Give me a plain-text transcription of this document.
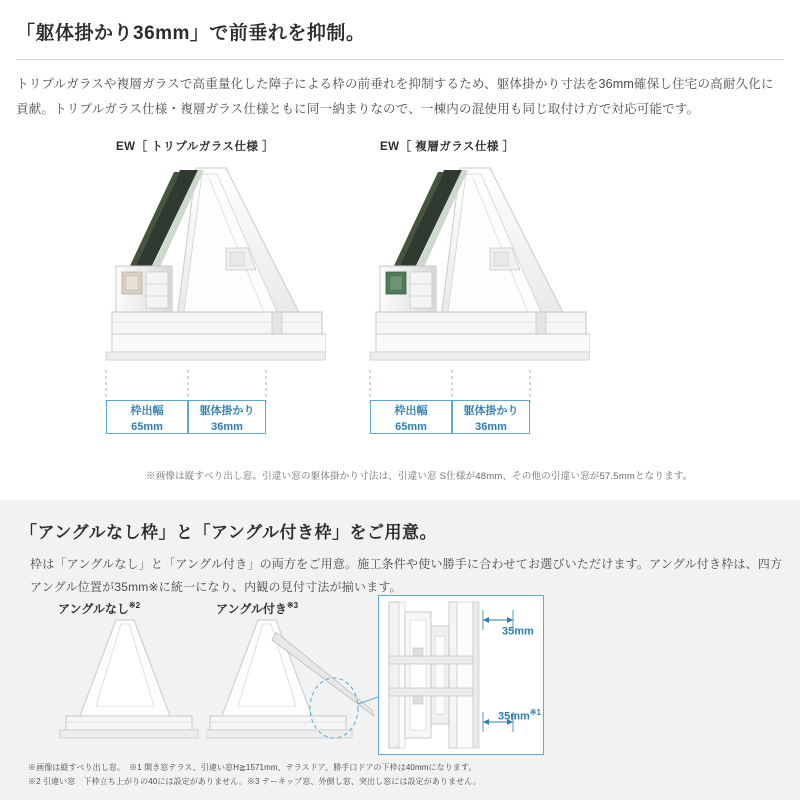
「躯体掛かり36mm」で前垂れを抑制。
トリプルガラスや複層ガラスで高重量化した障子による枠の前垂れを抑制するため、躯体掛かり寸法を36mm確保し住宅の高耐久化に貢献。トリプルガラス仕様・複層ガラス仕様ともに同一納まりなので、一棟内の混使用も同じ取付け方で対応可能です。
EW［ トリプルガラス仕様 ］	EW［ 複層ガラス仕様 ］
枠出幅
65mm
躯体掛かり
36mm
枠出幅
65mm
躯体掛かり
36mm
※画像は縦すべり出し窓。引違い窓の躯体掛かり寸法は、引違い窓 S仕様が48mm、その他の引違い窓が57.5mmとなります。
「アングルなし枠」と「アングル付き枠」をご用意。
枠は「アングルなし」と「アングル付き」の両方をご用意。施工条件や使い勝手に合わせてお選びいただけます。アングル付き枠は、四方アングル位置が35mm※に統一になり、内観の見付寸法が揃います。
アングルなし$^{※2}$	アングル付き$^{※3}$
35mm
$35mm^{※1}$
※画像は縦すべり出し窓。　※1 開き窓テラス、引違い窓H≧1571mm、テラスドア、勝手口ドアの下枠は40mmになります。
※2 引違い窓　下枠立ち上がりの40には設定がありません。※3 テーキップ窓、外倒し窓、突出し窓には設定がありません。
